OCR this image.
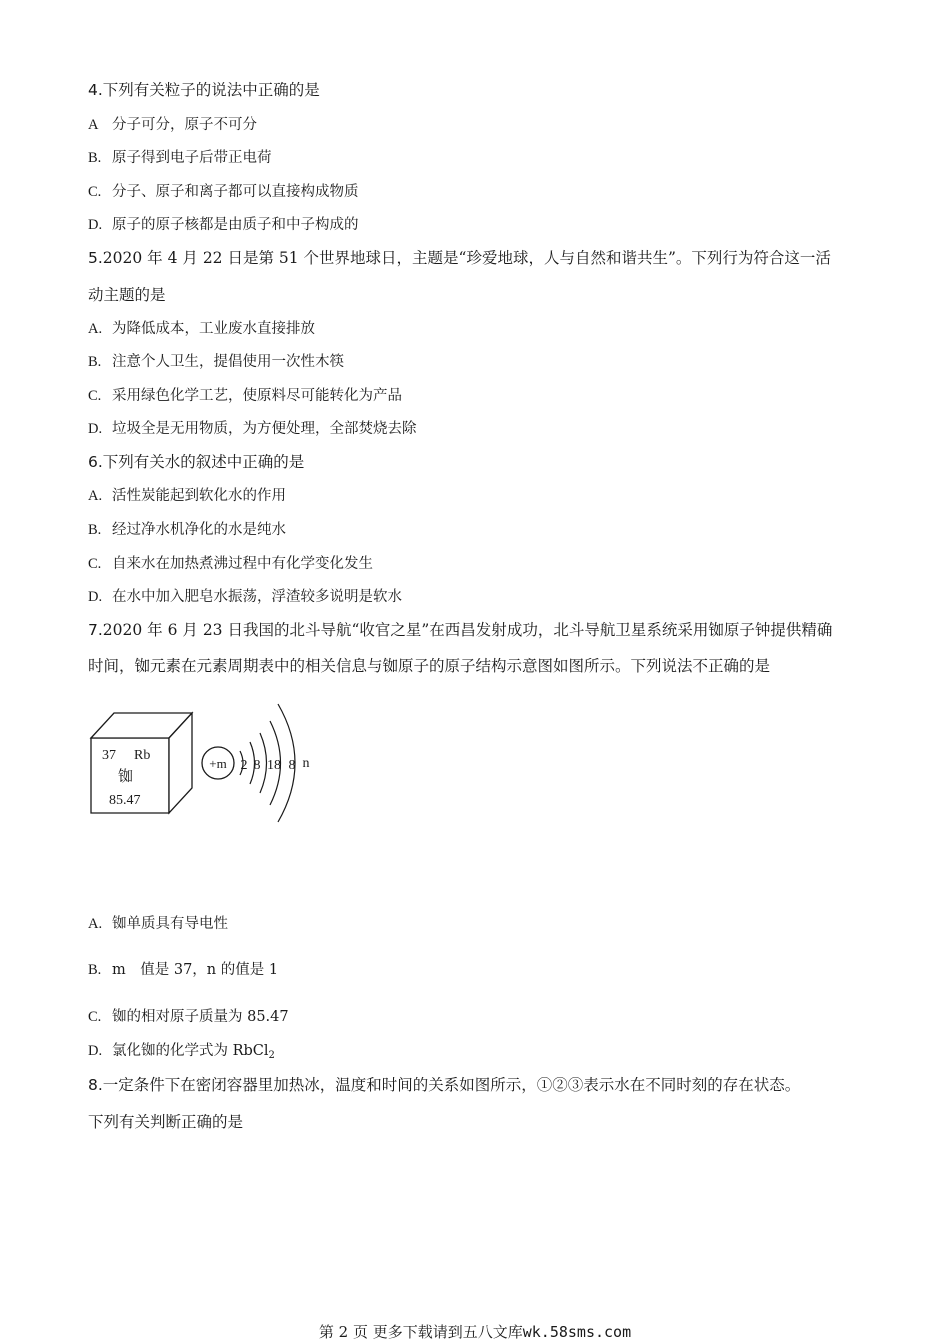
4.下列有关粒子的说法中正确的是
A 分子可分，原子不可分
B. 原子得到电子后带正电荷
C. 分子、原子和离子都可以直接构成物质
D. 原子的原子核都是由质子和中子构成的
5.2020 年 4 月 22 日是第 51 个世界地球日，主题是“珍爱地球，人与自然和谐共生”。下列行为符合这一活
动主题的是
A. 为降低成本，工业废水直接排放
B. 注意个人卫生，提倡使用一次性木筷
C. 采用绿色化学工艺，使原料尽可能转化为产品
D. 垃圾全是无用物质，为方便处理，全部焚烧去除
6.下列有关水的叙述中正确的是
A. 活性炭能起到软化水的作用
B. 经过净水机净化的水是纯水
C. 自来水在加热煮沸过程中有化学变化发生
D. 在水中加入肥皂水振荡，浮渣较多说明是软水
7.2020 年 6 月 23 日我国的北斗导航“收官之星”在西昌发射成功，北斗导航卫星系统采用铷原子钟提供精确
时间，铷元素在元素周期表中的相关信息与铷原子的原子结构示意图如图所示。下列说法不正确的是
37 Rb
铷
85.47
+m 2 8 18 8 n
A. 铷单质具有导电性
B. m　值是 37，n 的值是 1
C. 铷的相对原子质量为 85.47
D. 氯化铷的化学式为 RbCl$_2$
8.一定条件下在密闭容器里加热冰，温度和时间的关系如图所示，①②③表示水在不同时刻的存在状态。
下列有关判断正确的是
第 2 页 更多下载请到五八文库wk.58sms.com
